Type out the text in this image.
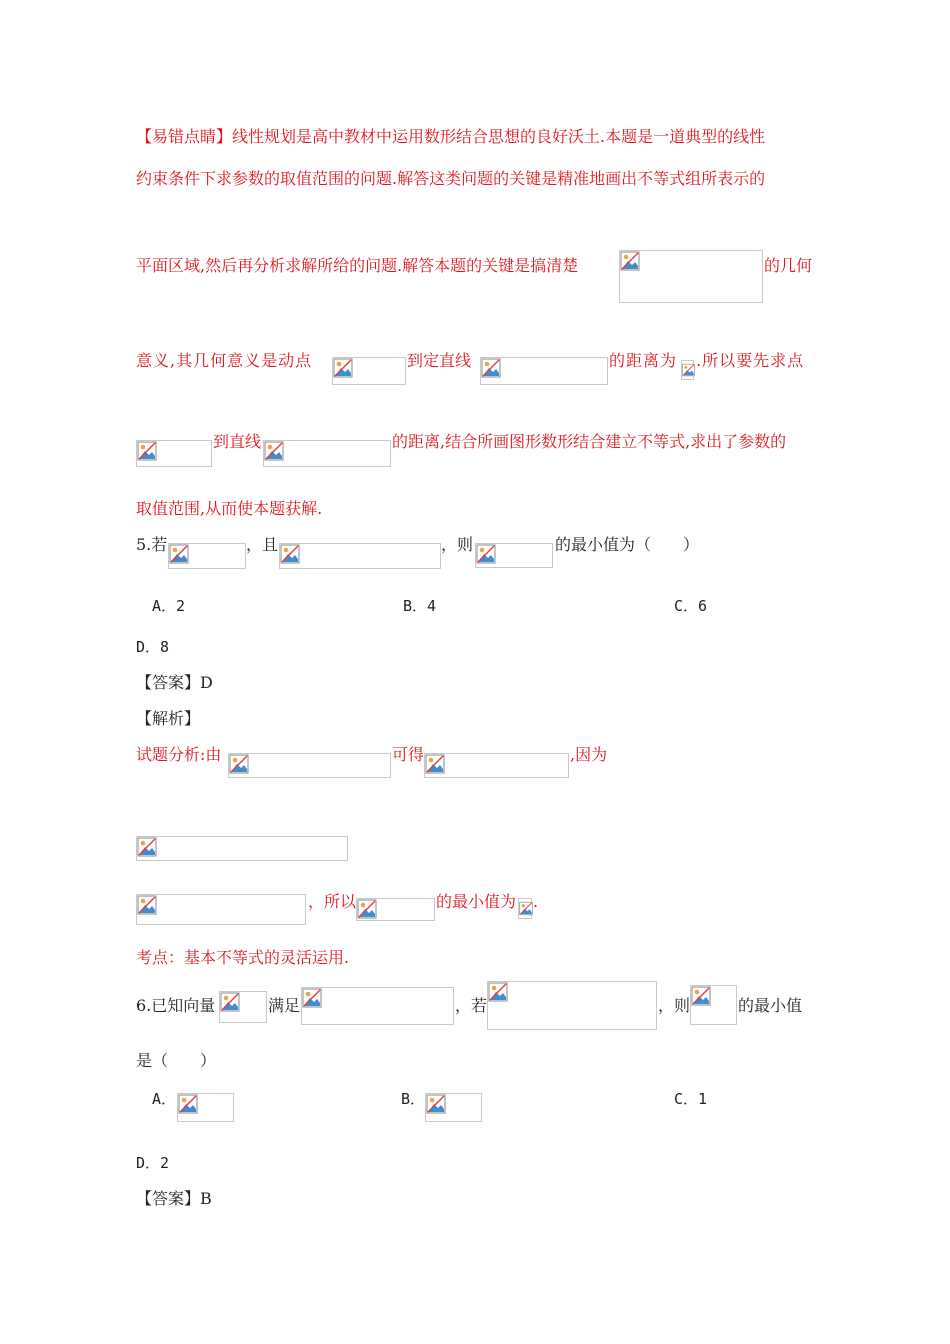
【易错点睛】线性规划是高中教材中运用数形结合思想的良好沃土.本题是一道典型的线性
约束条件下求参数的取值范围的问题.解答这类问题的关键是精准地画出不等式组所表示的
平面区域,然后再分析求解所给的问题.解答本题的关键是搞清楚	的几何
意义,其几何意义是动点	到定直线	的距离为 .所以要先求点
到直线	的距离,结合所画图形数形结合建立不等式,求出了参数的
取值范围,从而使本题获解.
5.若	，且	，则	的最小值为（　　）
A．2	B．4	C．6
D．8
【答案】D
【解析】
试题分析:由	可得	,因为
，所以	的最小值为 .
考点：基本不等式的灵活运用.
6.已知向量	满足	，若	，则	的最小值
是（　　）
A．	B．	C．1
D．2
【答案】B
